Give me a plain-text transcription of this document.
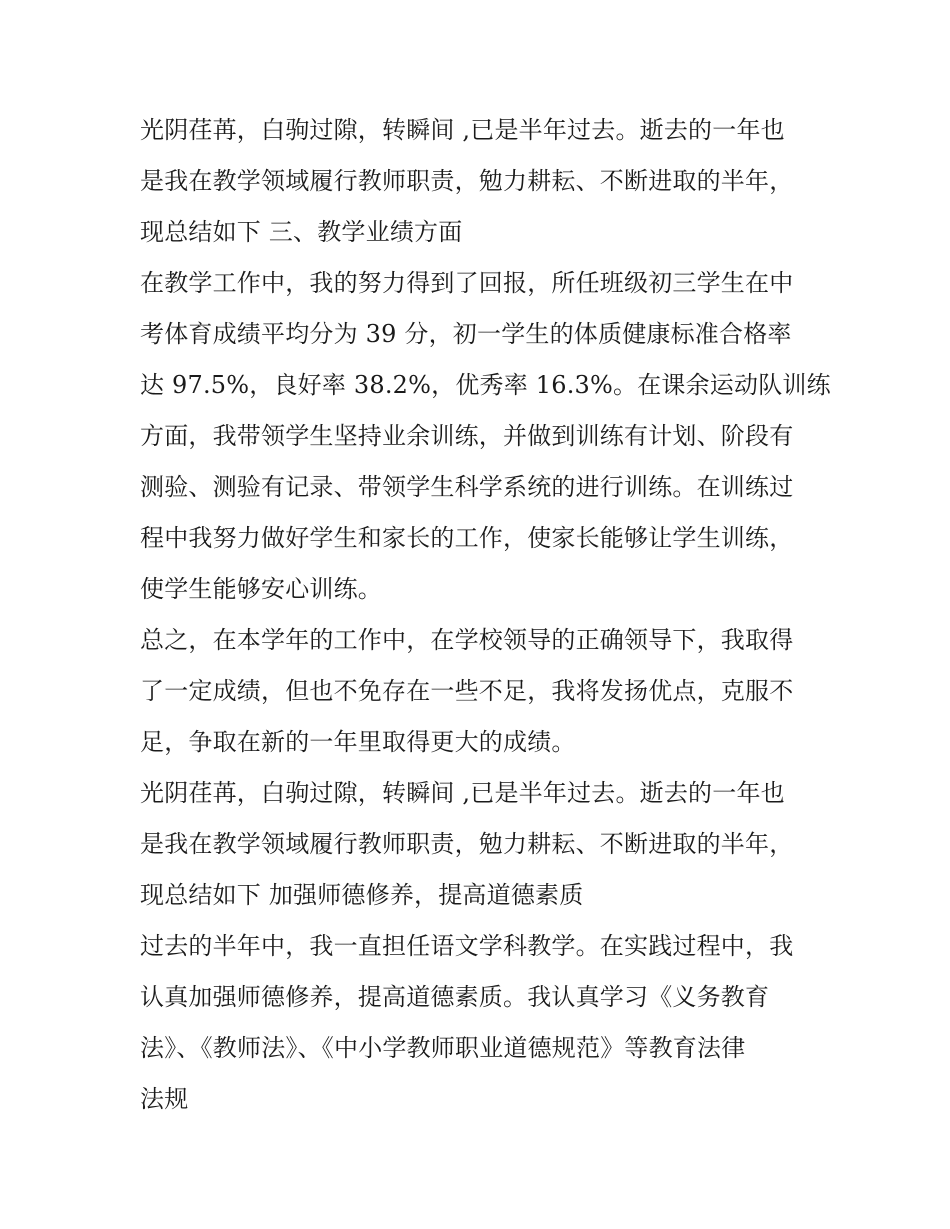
光阴荏苒，白驹过隙，转瞬间 ,已是半年过去。逝去的一年也
是我在教学领域履行教师职责，勉力耕耘、不断进取的半年，
现总结如下 三、教学业绩方面
在教学工作中，我的努力得到了回报，所任班级初三学生在中
考体育成绩平均分为 39 分，初一学生的体质健康标准合格率
达 97.5%，良好率 38.2%，优秀率 16.3%。在课余运动队训练
方面，我带领学生坚持业余训练，并做到训练有计划、阶段有
测验、测验有记录、带领学生科学系统的进行训练。在训练过
程中我努力做好学生和家长的工作，使家长能够让学生训练，
使学生能够安心训练。
总之，在本学年的工作中，在学校领导的正确领导下，我取得
了一定成绩，但也不免存在一些不足，我将发扬优点，克服不
足，争取在新的一年里取得更大的成绩。
光阴荏苒，白驹过隙，转瞬间 ,已是半年过去。逝去的一年也
是我在教学领域履行教师职责，勉力耕耘、不断进取的半年，
现总结如下 加强师德修养，提高道德素质
过去的半年中，我一直担任语文学科教学。在实践过程中，我
认真加强师德修养，提高道德素质。我认真学习《义务教育
法》、《教师法》、《中小学教师职业道德规范》等教育法律
法规
